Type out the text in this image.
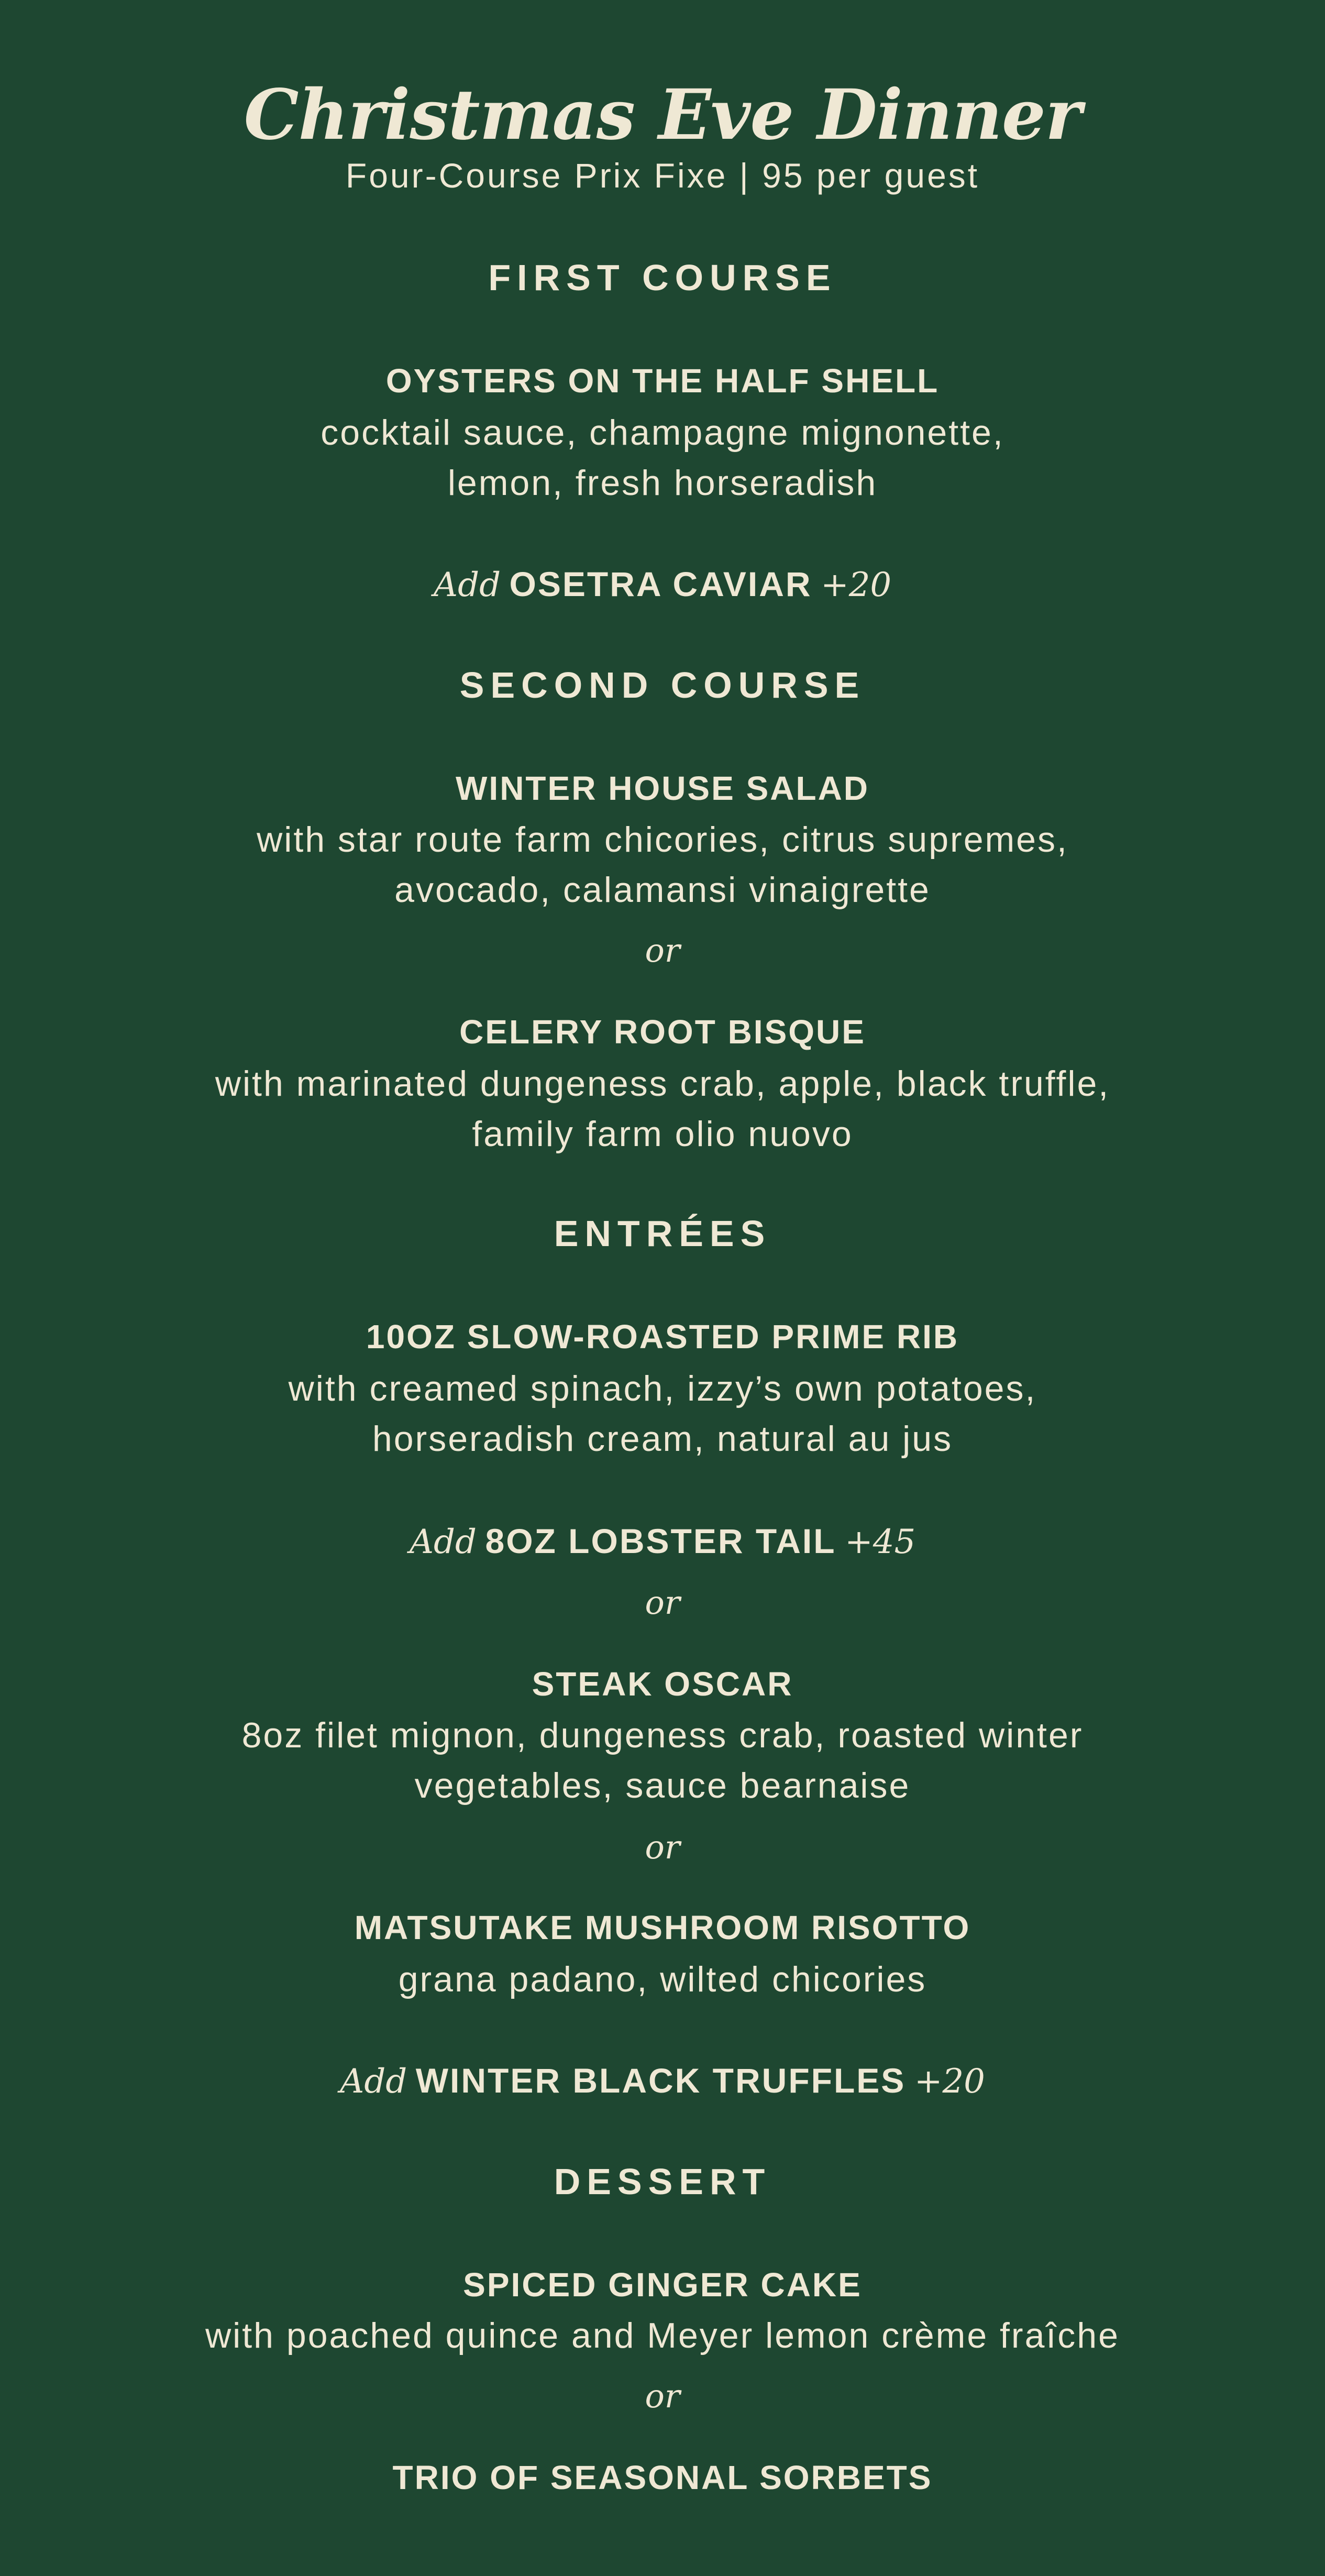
Christmas Eve Dinner
Four-Course Prix Fixe | 95 per guest
FIRST COURSE
OYSTERS ON THE HALF SHELL
cocktail sauce, champagne mignonette,
lemon, fresh horseradish
Add OSETRA CAVIAR +20
SECOND COURSE
WINTER HOUSE SALAD
with star route farm chicories, citrus supremes,
avocado, calamansi vinaigrette
or
CELERY ROOT BISQUE
with marinated dungeness crab, apple, black truffle,
family farm olio nuovo
ENTRÉES
10OZ SLOW-ROASTED PRIME RIB
with creamed spinach, izzy’s own potatoes,
horseradish cream, natural au jus
Add 8OZ LOBSTER TAIL +45
or
STEAK OSCAR
8oz filet mignon, dungeness crab, roasted winter
vegetables, sauce bearnaise
or
MATSUTAKE MUSHROOM RISOTTO
grana padano, wilted chicories
Add WINTER BLACK TRUFFLES +20
DESSERT
SPICED GINGER CAKE
with poached quince and Meyer lemon crème fraîche
or
TRIO OF SEASONAL SORBETS
